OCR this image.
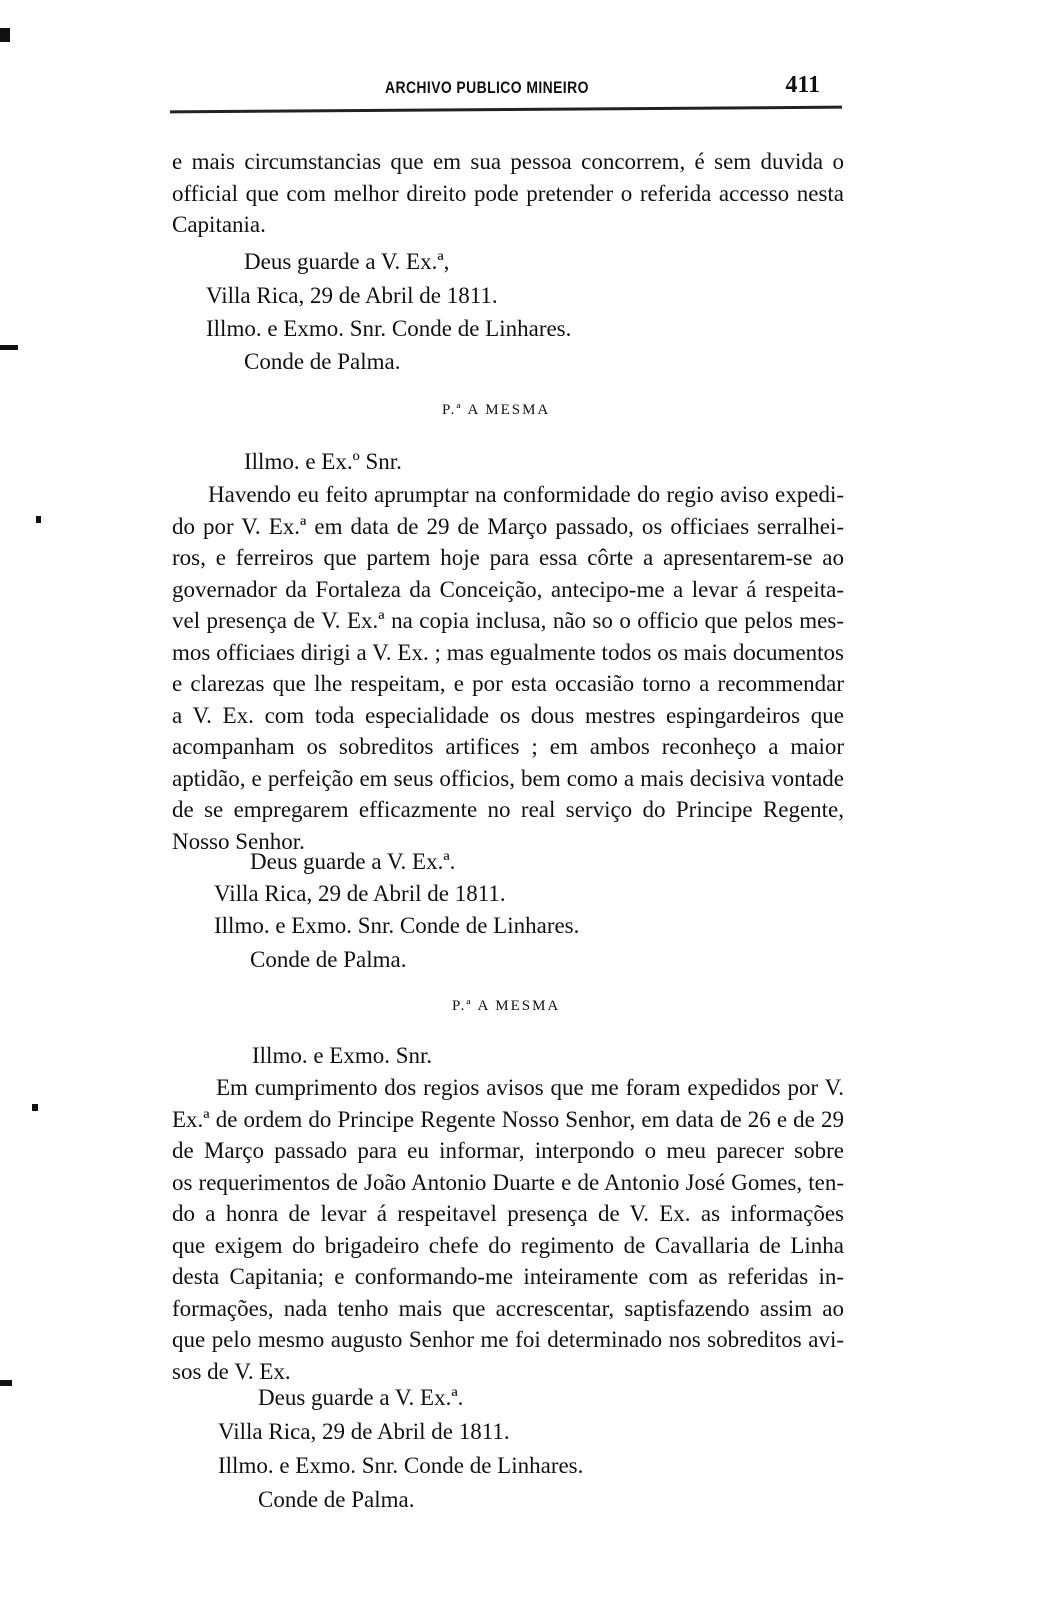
ARCHIVO PUBLICO MINEIRO	411
e mais circumstancias que em sua pessoa concorrem, é sem duvida o
official que com melhor direito pode pretender o referida accesso nesta
Capitania.
Deus guarde a V. Ex.ª,
Villa Rica, 29 de Abril de 1811.
Illmo. e Exmo. Snr. Conde de Linhares.
Conde de Palma.
P.ª A MESMA
Illmo. e Ex.º Snr.
Havendo eu feito aprumptar na conformidade do regio aviso expedi-
do por V. Ex.ª em data de 29 de Março passado, os officiaes serralhei-
ros, e ferreiros que partem hoje para essa côrte a apresentarem-se ao
governador da Fortaleza da Conceição, antecipo-me a levar á respeita-
vel presença de V. Ex.ª na copia inclusa, não so o officio que pelos mes-
mos officiaes dirigi a V. Ex. ; mas egualmente todos os mais documentos
e clarezas que lhe respeitam, e por esta occasião torno a recommendar
a V. Ex. com toda especialidade os dous mestres espingardeiros que
acompanham os sobreditos artifices ; em ambos reconheço a maior
aptidão, e perfeição em seus officios, bem como a mais decisiva vontade
de se empregarem efficazmente no real serviço do Principe Regente,
Nosso Senhor.
Deus guarde a V. Ex.ª.
Villa Rica, 29 de Abril de 1811.
Illmo. e Exmo. Snr. Conde de Linhares.
Conde de Palma.
P.ª A MESMA
Illmo. e Exmo. Snr.
Em cumprimento dos regios avisos que me foram expedidos por V.
Ex.ª de ordem do Principe Regente Nosso Senhor, em data de 26 e de 29
de Março passado para eu informar, interpondo o meu parecer sobre
os requerimentos de João Antonio Duarte e de Antonio José Gomes, ten-
do a honra de levar á respeitavel presença de V. Ex. as informações
que exigem do brigadeiro chefe do regimento de Cavallaria de Linha
desta Capitania; e conformando-me inteiramente com as referidas in-
formações, nada tenho mais que accrescentar, saptisfazendo assim ao
que pelo mesmo augusto Senhor me foi determinado nos sobreditos avi-
sos de V. Ex.
Deus guarde a V. Ex.ª.
Villa Rica, 29 de Abril de 1811.
Illmo. e Exmo. Snr. Conde de Linhares.
Conde de Palma.
